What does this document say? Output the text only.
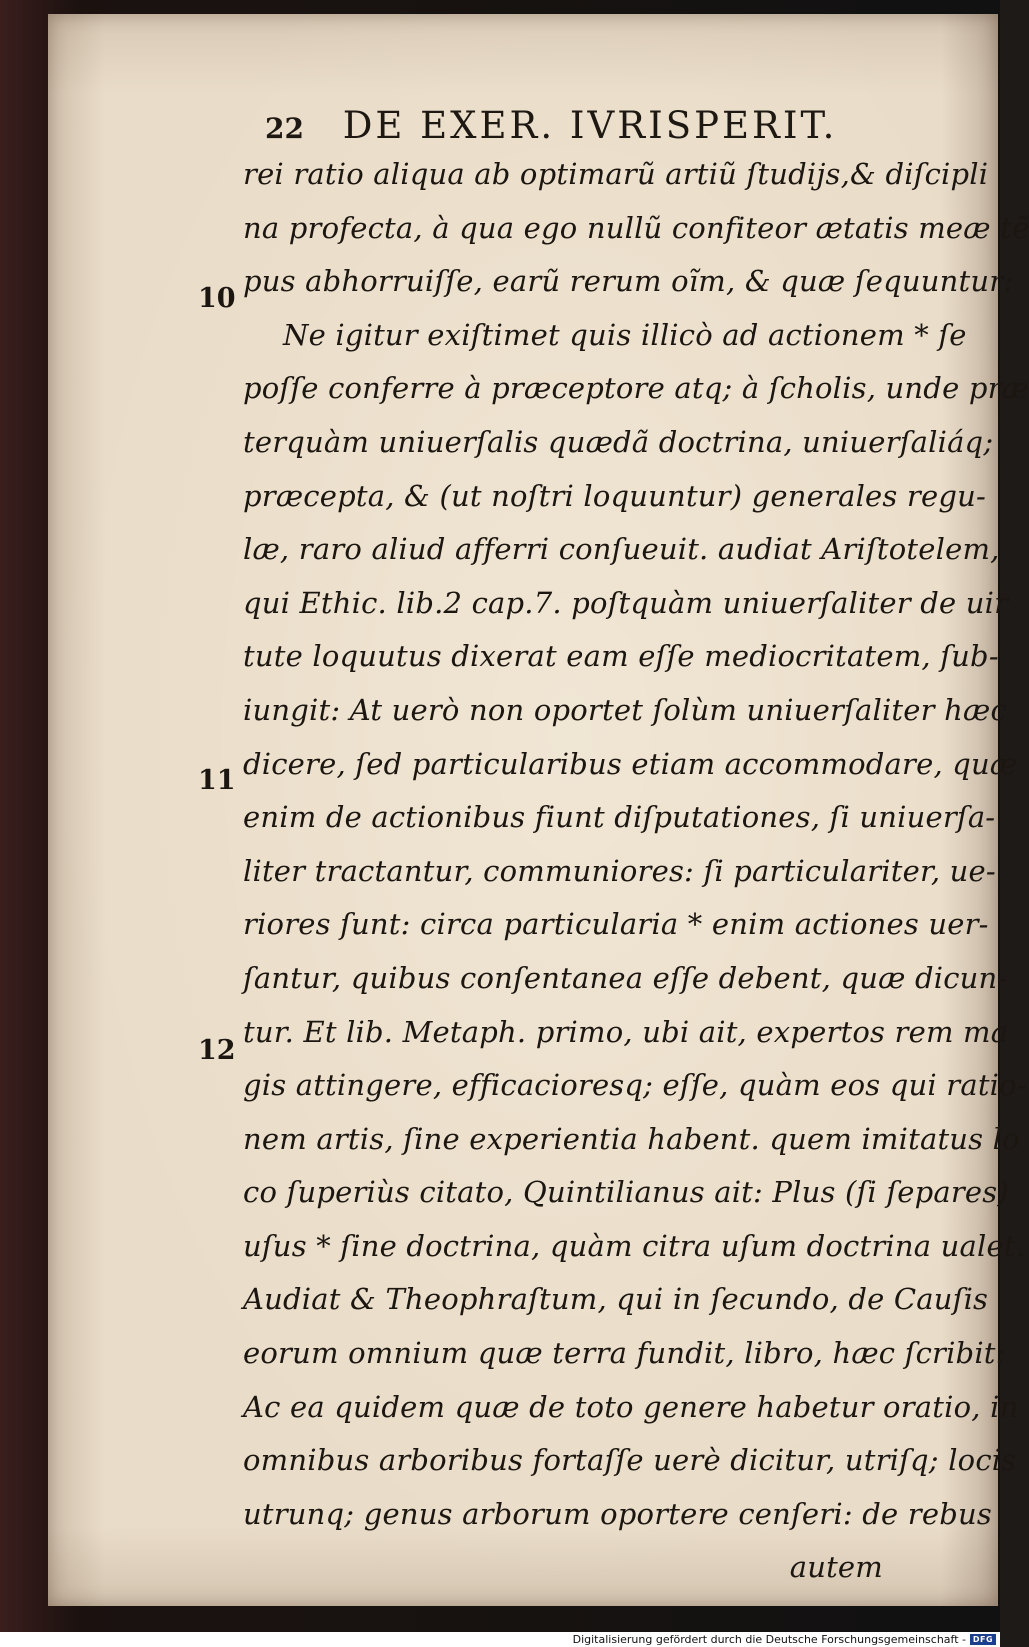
22 DE EXER. IVRISPERIT.
10
11
12
rei ratio aliqua ab optimarũ artiũ ſtudijs,& diſcipli
na profecta, à qua ego nullũ confiteor ætatis meæ tẽ
pus abhorruiſſe, earũ rerum oĩm, & quæ ſequuntur:
Ne igitur exiſtimet quis illicò ad actionem * ſe
poſſe conferre à præceptore atq; à ſcholis, unde præ
terquàm uniuerſalis quædã doctrina, uniuerſaliáq;
præcepta, & (ut noſtri loquuntur) generales regu-
læ, raro aliud afferri conſueuit. audiat Ariſtotelem,
qui Ethic. lib.2 cap.7. poſtquàm uniuerſaliter de uir
tute loquutus dixerat eam eſſe mediocritatem, ſub-
iungit: At uerò non oportet ſolùm uniuerſaliter hæc
dicere, ſed particularibus etiam accommodare, quæ
enim de actionibus fiunt diſputationes, ſi uniuerſa-
liter tractantur, communiores: ſi particulariter, ue-
riores ſunt: circa particularia * enim actiones uer-
ſantur, quibus conſentanea eſſe debent, quæ dicun-
tur. Et lib. Metaph. primo, ubi ait, expertos rem ma
gis attingere, efficacioresq; eſſe, quàm eos qui ratio-
nem artis, ſine experientia habent. quem imitatus lo
co ſuperiùs citato, Quintilianus ait: Plus (ſi ſepares)
uſus * ſine doctrina, quàm citra uſum doctrina ualet.
Audiat & Theophraſtum, qui in ſecundo, de Cauſis
eorum omnium quæ terra fundit, libro, hæc ſcribit:
Ac ea quidem quæ de toto genere habetur oratio, in
omnibus arboribus fortaſſe uerè dicitur, utriſq; locis
utrunq; genus arborum oportere cenſeri: de rebus
autem
Digitalisierung gefördert durch die Deutsche Forschungsgemeinschaft - DFG
